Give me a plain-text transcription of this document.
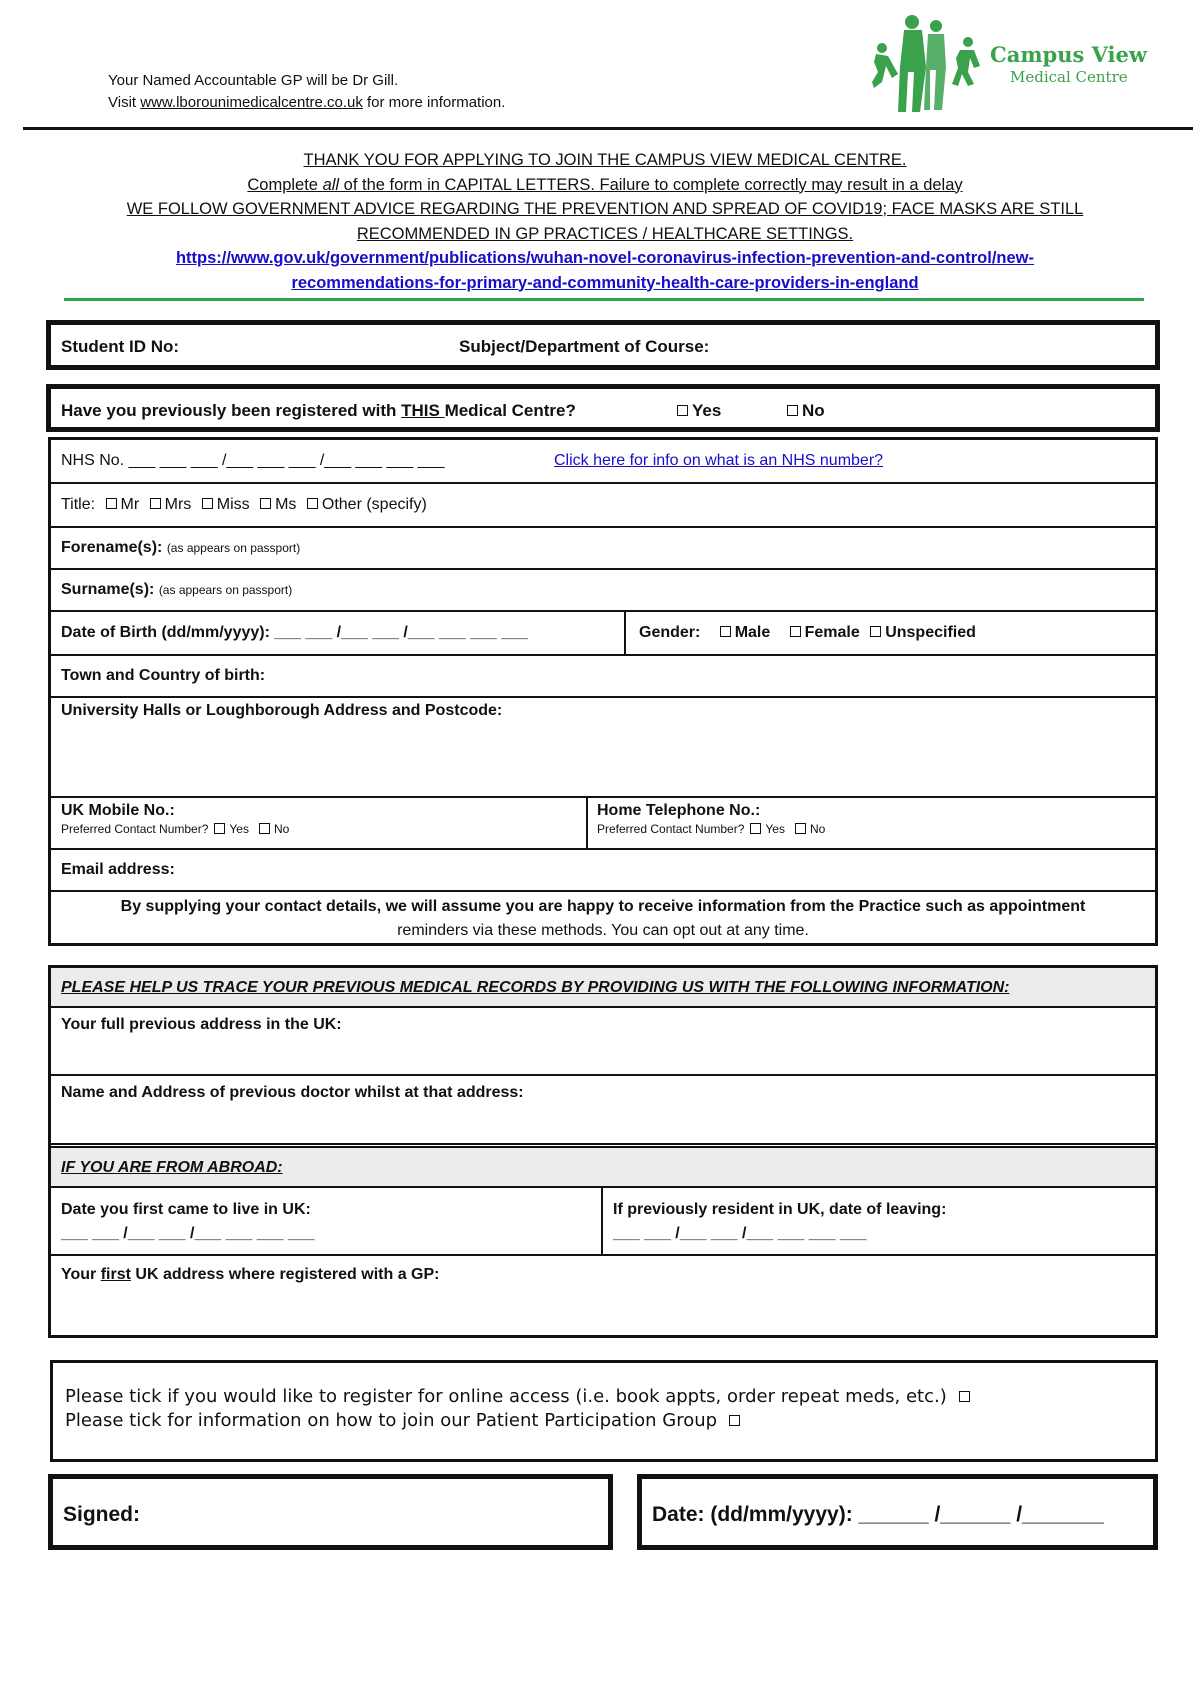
Your Named Accountable GP will be Dr Gill.
Visit www.lborounimedicalcentre.co.uk for more information.
Campus View
Medical Centre
THANK YOU FOR APPLYING TO JOIN THE CAMPUS VIEW MEDICAL CENTRE.
Complete all of the form in CAPITAL LETTERS. Failure to complete correctly may result in a delay
WE FOLLOW GOVERNMENT ADVICE REGARDING THE PREVENTION AND SPREAD OF COVID19; FACE MASKS ARE STILL
RECOMMENDED IN GP PRACTICES / HEALTHCARE SETTINGS.
https://www.gov.uk/government/publications/wuhan-novel-coronavirus-infection-prevention-and-control/new-
recommendations-for-primary-and-community-health-care-providers-in-england
Student ID No:	Subject/Department of Course:
Have you previously been registered with THIS Medical Centre?	Yes	No
NHS No. ___ ___ ___ /___ ___ ___ /___ ___ ___ ___	Click here for info on what is an NHS number?
Title: Mr Mrs Miss Ms Other (specify)
Forename(s): (as appears on passport)
Surname(s): (as appears on passport)
Date of Birth (dd/mm/yyyy): ___ ___ /___ ___ /___ ___ ___ ___	Gender: Male Female Unspecified
Town and Country of birth:
University Halls or Loughborough Address and Postcode:
UK Mobile No.:
Preferred Contact Number? Yes No
Home Telephone No.:
Preferred Contact Number? Yes No
Email address:
By supplying your contact details, we will assume you are happy to receive information from the Practice such as appointment
reminders via these methods. You can opt out at any time.
PLEASE HELP US TRACE YOUR PREVIOUS MEDICAL RECORDS BY PROVIDING US WITH THE FOLLOWING INFORMATION:
Your full previous address in the UK:
Name and Address of previous doctor whilst at that address:
IF YOU ARE FROM ABROAD:
Date you first came to live in UK:
___ ___ /___ ___ /___ ___ ___ ___
If previously resident in UK, date of leaving:
___ ___ /___ ___ /___ ___ ___ ___
Your first UK address where registered with a GP:
Please tick if you would like to register for online access (i.e. book appts, order repeat meds, etc.)
Please tick for information on how to join our Patient Participation Group
Signed:	Date: (dd/mm/yyyy): ______ /______ /_______
